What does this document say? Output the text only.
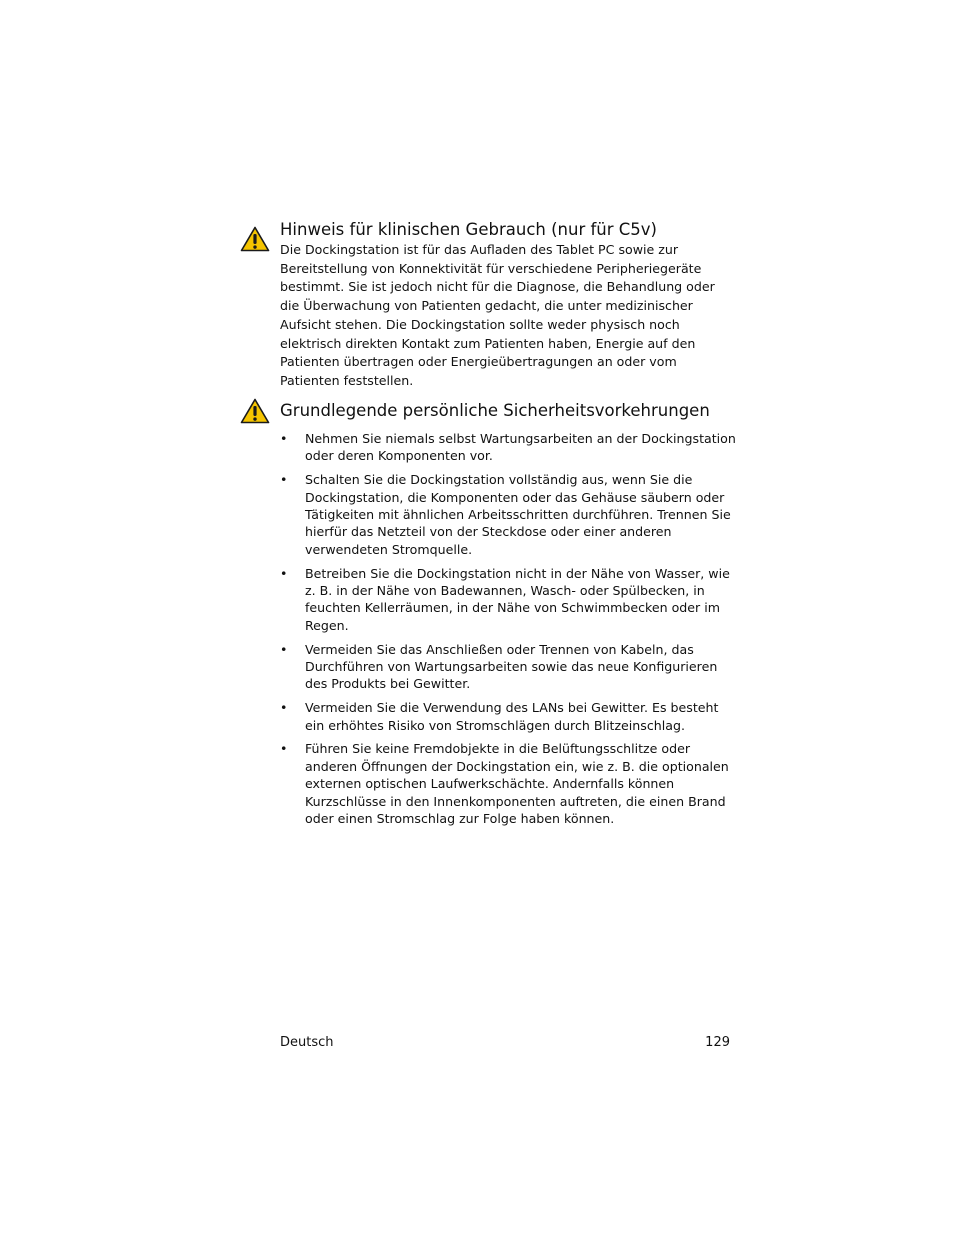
Hinweis für klinischen Gebrauch (nur für C5v)

Die Dockingstation ist für das Aufladen des Tablet PC sowie zur Bereitstellung von Konnektivität für verschiedene Peripheriegeräte bestimmt. Sie ist jedoch nicht für die Diagnose, die Behandlung oder die Überwachung von Patienten gedacht, die unter medizinischer Aufsicht stehen. Die Dockingstation sollte weder physisch noch elektrisch direkten Kontakt zum Patienten haben, Energie auf den Patienten übertragen oder Energieübertragungen an oder vom Patienten feststellen.

Grundlegende persönliche Sicherheitsvorkehrungen
• Nehmen Sie niemals selbst Wartungsarbeiten an der Dockingstation oder deren Komponenten vor.
• Schalten Sie die Dockingstation vollständig aus, wenn Sie die Dockingstation, die Komponenten oder das Gehäuse säubern oder Tätigkeiten mit ähnlichen Arbeitsschritten durchführen. Trennen Sie hierfür das Netzteil von der Steckdose oder einer anderen verwendeten Stromquelle.
• Betreiben Sie die Dockingstation nicht in der Nähe von Wasser, wie z. B. in der Nähe von Badewannen, Wasch- oder Spülbecken, in feuchten Kellerräumen, in der Nähe von Schwimmbecken oder im Regen.
• Vermeiden Sie das Anschließen oder Trennen von Kabeln, das Durchführen von Wartungsarbeiten sowie das neue Konfigurieren des Produkts bei Gewitter.
• Vermeiden Sie die Verwendung des LANs bei Gewitter. Es besteht ein erhöhtes Risiko von Stromschlägen durch Blitzeinschlag.
• Führen Sie keine Fremdobjekte in die Belüftungsschlitze oder anderen Öffnungen der Dockingstation ein, wie z. B. die optionalen externen optischen Laufwerkschächte. Andernfalls können Kurzschlüsse in den Innenkomponenten auftreten, die einen Brand oder einen Stromschlag zur Folge haben können.
Deutsch	129
